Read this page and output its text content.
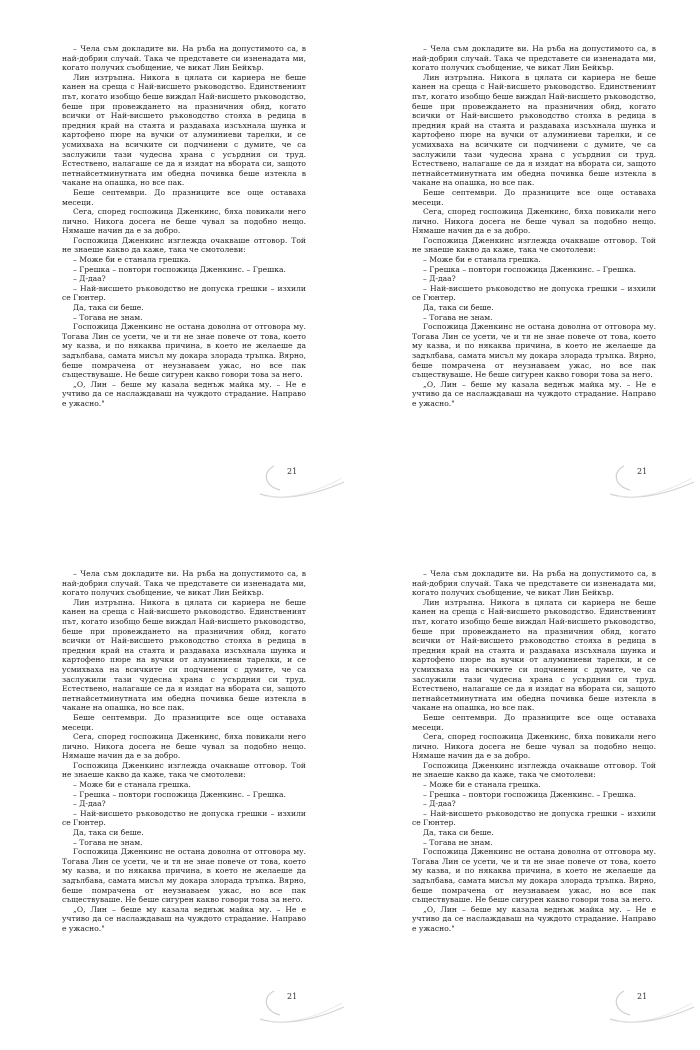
– Чела съм докладите ви. На ръба на допустимото са, в най-добрия случай. Така че представете си изненадата ми, когато получих съобщение, че викат Лин Бейкър.

Лин изтръпна. Никога в цялата си кариера не беше канен на среща с Най-висшето ръководство. Единственият път, когато изобщо беше виждал Най-висшето ръководство, беше при провеждането на празничния обяд, когато всички от Най-висшето ръководство стояха в редица в предния край на стаята и раздаваха изсъхнала шунка и картофено пюре на вучки от алуминиеви тарелки, и се усмихваха на всичките си подчинени с думите, че са заслужили тази чудесна храна с усърдния си труд. Естествено, налагаше се да я изядат на вбората си, защото петнайсетминутната им обедна почивка беше изтекла в чакане на опашка, но все пак.

Беше септември. До празниците все още оставаха месеци.

Сега, според госпожица Дженкинс, бяха повикали него лично. Никога досега не беше чувал за подобно нещо. Нямаше начин да е за добро.

Госпожица Дженкинс изглежда очакваше отговор. Той не знаеше какво да каже, така че смотолеви:

– Може би е станала грешка.

– Грешка – повтори госпожица Дженкинс. – Грешка.

– Д-даа?

– Най-висшето ръководство не допуска грешки – изхили се Гюнтер.

Да, така си беше.

– Тогава не знам.

Госпожица Дженкинс не остана доволна от отговора му. Тогава Лин се усети, че и тя не знае повече от това, което му казва, и по някаква причина, в което не желаеше да задълбава, самата мисъл му докара злорада тръпка. Вярно, беше помрачена от неузнаваем ужас, но все пак съществуваше. Не беше сигурен какво говори това за него.

„О, Лин – беше му казала веднъж майка му. – Не е учтиво да се наслаждаваш на чуждото страдание. Направо е ужасно."

21

– Чела съм докладите ви. На ръба на допустимото са, в най-добрия случай. Така че представете си изненадата ми, когато получих съобщение, че викат Лин Бейкър.

Лин изтръпна. Никога в цялата си кариера не беше канен на среща с Най-висшето ръководство. Единственият път, когато изобщо беше виждал Най-висшето ръководство, беше при провеждането на празничния обяд, когато всички от Най-висшето ръководство стояха в редица в предния край на стаята и раздаваха изсъхнала шунка и картофено пюре на вучки от алуминиеви тарелки, и се усмихваха на всичките си подчинени с думите, че са заслужили тази чудесна храна с усърдния си труд. Естествено, налагаше се да я изядат на вбората си, защото петнайсетминутната им обедна почивка беше изтекла в чакане на опашка, но все пак.

Беше септември. До празниците все още оставаха месеци.

Сега, според госпожица Дженкинс, бяха повикали него лично. Никога досега не беше чувал за подобно нещо. Нямаше начин да е за добро.

Госпожица Дженкинс изглежда очакваше отговор. Той не знаеше какво да каже, така че смотолеви:

– Може би е станала грешка.

– Грешка – повтори госпожица Дженкинс. – Грешка.

– Д-даа?

– Най-висшето ръководство не допуска грешки – изхили се Гюнтер.

Да, така си беше.

– Тогава не знам.

Госпожица Дженкинс не остана доволна от отговора му. Тогава Лин се усети, че и тя не знае повече от това, което му казва, и по някаква причина, в което не желаеше да задълбава, самата мисъл му докара злорада тръпка. Вярно, беше помрачена от неузнаваем ужас, но все пак съществуваше. Не беше сигурен какво говори това за него.

„О, Лин – беше му казала веднъж майка му. – Не е учтиво да се наслаждаваш на чуждото страдание. Направо е ужасно."

21

– Чела съм докладите ви. На ръба на допустимото са, в най-добрия случай. Така че представете си изненадата ми, когато получих съобщение, че викат Лин Бейкър.

Лин изтръпна. Никога в цялата си кариера не беше канен на среща с Най-висшето ръководство. Единственият път, когато изобщо беше виждал Най-висшето ръководство, беше при провеждането на празничния обяд, когато всички от Най-висшето ръководство стояха в редица в предния край на стаята и раздаваха изсъхнала шунка и картофено пюре на вучки от алуминиеви тарелки, и се усмихваха на всичките си подчинени с думите, че са заслужили тази чудесна храна с усърдния си труд. Естествено, налагаше се да я изядат на вбората си, защото петнайсетминутната им обедна почивка беше изтекла в чакане на опашка, но все пак.

Беше септември. До празниците все още оставаха месеци.

Сега, според госпожица Дженкинс, бяха повикали него лично. Никога досега не беше чувал за подобно нещо. Нямаше начин да е за добро.

Госпожица Дженкинс изглежда очакваше отговор. Той не знаеше какво да каже, така че смотолеви:

– Може би е станала грешка.

– Грешка – повтори госпожица Дженкинс. – Грешка.

– Д-даа?

– Най-висшето ръководство не допуска грешки – изхили се Гюнтер.

Да, така си беше.

– Тогава не знам.

Госпожица Дженкинс не остана доволна от отговора му. Тогава Лин се усети, че и тя не знае повече от това, което му казва, и по някаква причина, в което не желаеше да задълбава, самата мисъл му докара злорада тръпка. Вярно, беше помрачена от неузнаваем ужас, но все пак съществуваше. Не беше сигурен какво говори това за него.

„О, Лин – беше му казала веднъж майка му. – Не е учтиво да се наслаждаваш на чуждото страдание. Направо е ужасно."

21

– Чела съм докладите ви. На ръба на допустимото са, в най-добрия случай. Така че представете си изненадата ми, когато получих съобщение, че викат Лин Бейкър.

Лин изтръпна. Никога в цялата си кариера не беше канен на среща с Най-висшето ръководство. Единственият път, когато изобщо беше виждал Най-висшето ръководство, беше при провеждането на празничния обяд, когато всички от Най-висшето ръководство стояха в редица в предния край на стаята и раздаваха изсъхнала шунка и картофено пюре на вучки от алуминиеви тарелки, и се усмихваха на всичките си подчинени с думите, че са заслужили тази чудесна храна с усърдния си труд. Естествено, налагаше се да я изядат на вбората си, защото петнайсетминутната им обедна почивка беше изтекла в чакане на опашка, но все пак.

Беше септември. До празниците все още оставаха месеци.

Сега, според госпожица Дженкинс, бяха повикали него лично. Никога досега не беше чувал за подобно нещо. Нямаше начин да е за добро.

Госпожица Дженкинс изглежда очакваше отговор. Той не знаеше какво да каже, така че смотолеви:

– Може би е станала грешка.

– Грешка – повтори госпожица Дженкинс. – Грешка.

– Д-даа?

– Най-висшето ръководство не допуска грешки – изхили се Гюнтер.

Да, така си беше.

– Тогава не знам.

Госпожица Дженкинс не остана доволна от отговора му. Тогава Лин се усети, че и тя не знае повече от това, което му казва, и по някаква причина, в което не желаеше да задълбава, самата мисъл му докара злорада тръпка. Вярно, беше помрачена от неузнаваем ужас, но все пак съществуваше. Не беше сигурен какво говори това за него.

„О, Лин – беше му казала веднъж майка му. – Не е учтиво да се наслаждаваш на чуждото страдание. Направо е ужасно."

21
